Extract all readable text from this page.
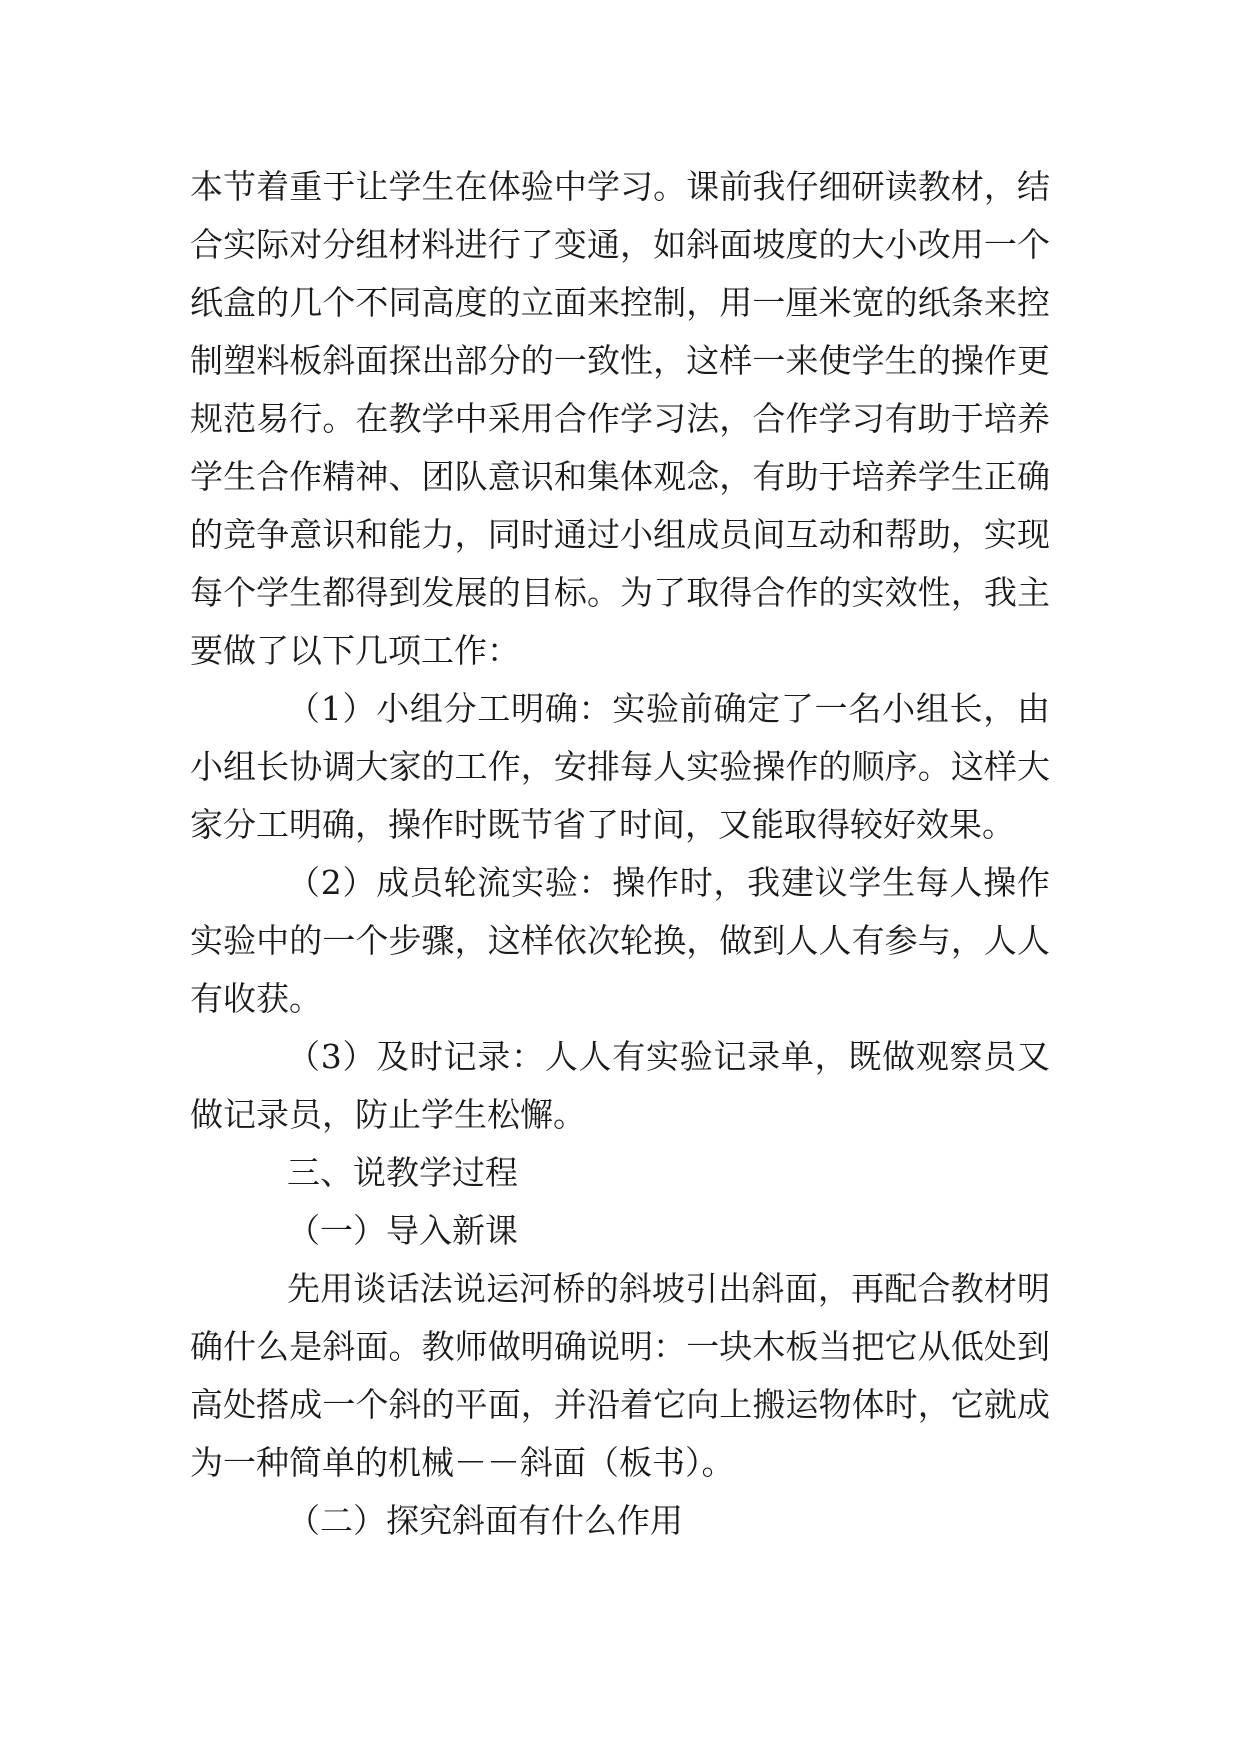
本节着重于让学生在体验中学习。课前我仔细研读教材，结
合实际对分组材料进行了变通，如斜面坡度的大小改用一个
纸盒的几个不同高度的立面来控制，用一厘米宽的纸条来控
制塑料板斜面探出部分的一致性，这样一来使学生的操作更
规范易行。在教学中采用合作学习法，合作学习有助于培养
学生合作精神、团队意识和集体观念，有助于培养学生正确
的竞争意识和能力，同时通过小组成员间互动和帮助，实现
每个学生都得到发展的目标。为了取得合作的实效性，我主
要做了以下几项工作：
（1）小组分工明确：实验前确定了一名小组长，由
小组长协调大家的工作，安排每人实验操作的顺序。这样大
家分工明确，操作时既节省了时间，又能取得较好效果。
（2）成员轮流实验：操作时，我建议学生每人操作
实验中的一个步骤，这样依次轮换，做到人人有参与，人人
有收获。
（3）及时记录：人人有实验记录单，既做观察员又
做记录员，防止学生松懈。
三、说教学过程
（一）导入新课
先用谈话法说运河桥的斜坡引出斜面，再配合教材明
确什么是斜面。教师做明确说明：一块木板当把它从低处到
高处搭成一个斜的平面，并沿着它向上搬运物体时，它就成
为一种简单的机械－－斜面（板书）。
（二）探究斜面有什么作用
